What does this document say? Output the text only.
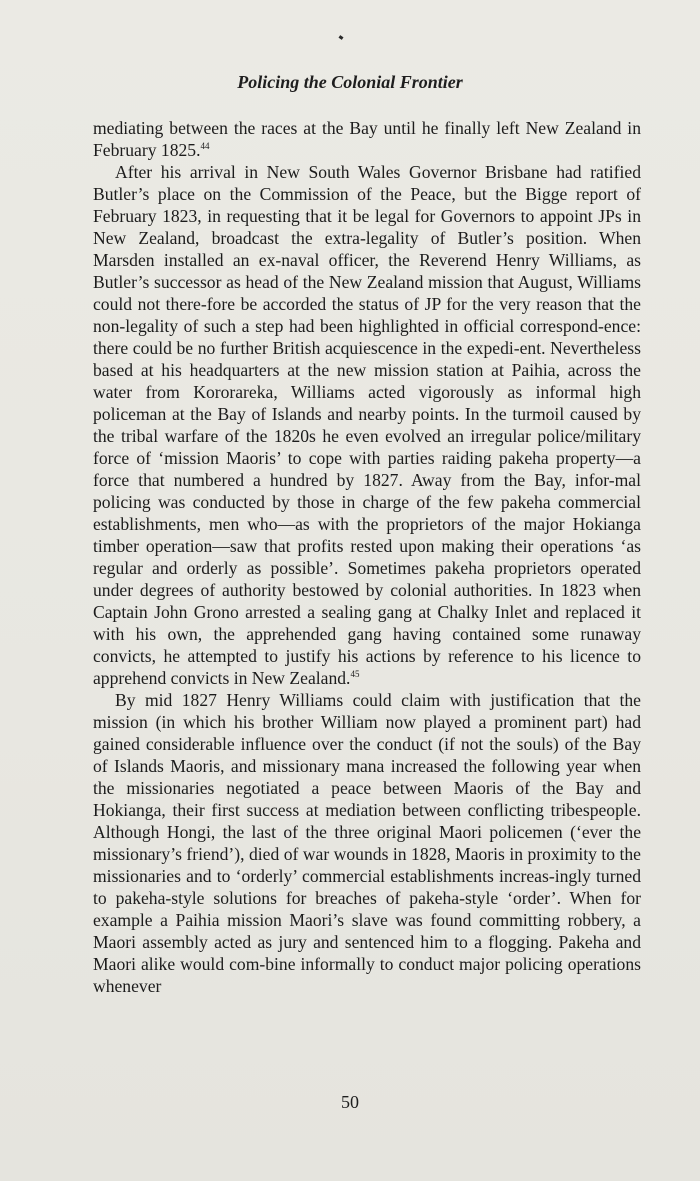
Policing the Colonial Frontier

mediating between the races at the Bay until he finally left New Zealand in February 1825.44

After his arrival in New South Wales Governor Brisbane had ratified Butler’s place on the Commission of the Peace, but the Bigge report of February 1823, in requesting that it be legal for Governors to appoint JPs in New Zealand, broadcast the extra-legality of Butler’s position. When Marsden installed an ex-naval officer, the Reverend Henry Williams, as Butler’s successor as head of the New Zealand mission that August, Williams could not there-fore be accorded the status of JP for the very reason that the non-legality of such a step had been highlighted in official correspond-ence: there could be no further British acquiescence in the expedi-ent. Nevertheless based at his headquarters at the new mission station at Paihia, across the water from Kororareka, Williams acted vigorously as informal high policeman at the Bay of Islands and nearby points. In the turmoil caused by the tribal warfare of the 1820s he even evolved an irregular police/military force of ‘mission Maoris’ to cope with parties raiding pakeha property—a force that numbered a hundred by 1827. Away from the Bay, infor-mal policing was conducted by those in charge of the few pakeha commercial establishments, men who—as with the proprietors of the major Hokianga timber operation—saw that profits rested upon making their operations ‘as regular and orderly as possible’. Sometimes pakeha proprietors operated under degrees of authority bestowed by colonial authorities. In 1823 when Captain John Grono arrested a sealing gang at Chalky Inlet and replaced it with his own, the apprehended gang having contained some runaway convicts, he attempted to justify his actions by reference to his licence to apprehend convicts in New Zealand.$^{45}$

By mid 1827 Henry Williams could claim with justification that the mission (in which his brother William now played a prominent part) had gained considerable influence over the conduct (if not the souls) of the Bay of Islands Maoris, and missionary mana increased the following year when the missionaries negotiated a peace between Maoris of the Bay and Hokianga, their first success at mediation between conflicting tribespeople. Although Hongi, the last of the three original Maori policemen (‘ever the missionary’s friend’), died of war wounds in 1828, Maoris in proximity to the missionaries and to ‘orderly’ commercial establishments increas-ingly turned to pakeha-style solutions for breaches of pakeha-style ‘order’. When for example a Paihia mission Maori’s slave was found committing robbery, a Maori assembly acted as jury and sentenced him to a flogging. Pakeha and Maori alike would com-bine informally to conduct major policing operations whenever

50
